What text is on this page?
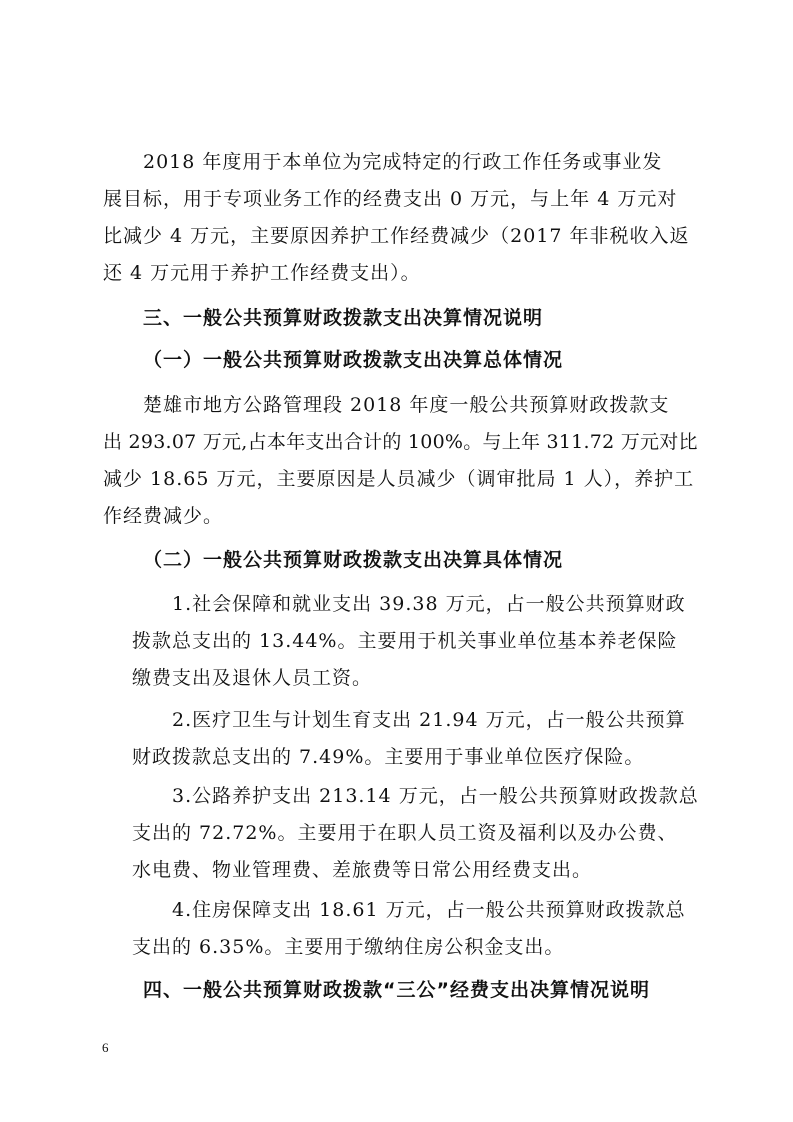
2018 年度用于本单位为完成特定的行政工作任务或事业发
展目标，用于专项业务工作的经费支出 0 万元，与上年 4 万元对
比减少 4 万元，主要原因养护工作经费减少（2017 年非税收入返
还 4 万元用于养护工作经费支出）。
三、一般公共预算财政拨款支出决算情况说明
（一）一般公共预算财政拨款支出决算总体情况
楚雄市地方公路管理段 2018 年度一般公共预算财政拨款支
出 293.07 万元,占本年支出合计的 100%。与上年 311.72 万元对比
减少 18.65 万元，主要原因是人员减少（调审批局 1 人），养护工
作经费减少。
（二）一般公共预算财政拨款支出决算具体情况
1.社会保障和就业支出 39.38 万元，占一般公共预算财政
拨款总支出的 13.44%。主要用于机关事业单位基本养老保险
缴费支出及退休人员工资。
2.医疗卫生与计划生育支出 21.94 万元，占一般公共预算
财政拨款总支出的 7.49%。主要用于事业单位医疗保险。
3.公路养护支出 213.14 万元，占一般公共预算财政拨款总
支出的 72.72%。主要用于在职人员工资及福利以及办公费、
水电费、物业管理费、差旅费等日常公用经费支出。
4.住房保障支出 18.61 万元，占一般公共预算财政拨款总
支出的 6.35%。主要用于缴纳住房公积金支出。
四、一般公共预算财政拨款“三公”经费支出决算情况说明
6
